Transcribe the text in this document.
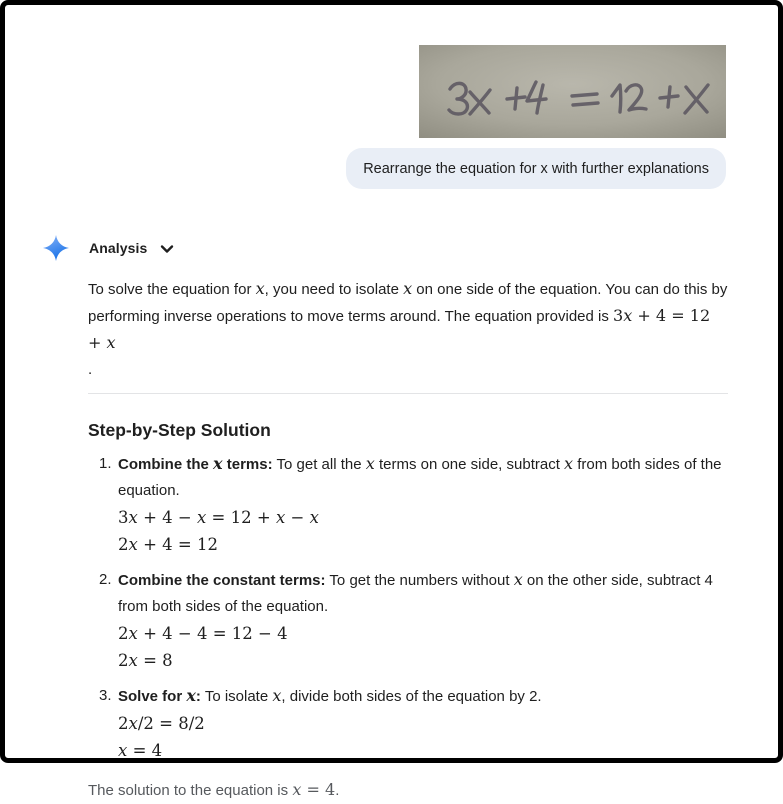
Rearrange the equation for x with further explanations
Analysis

To solve the equation for x, you need to isolate x on one side of the equation. You can do this by performing inverse operations to move terms around. The equation provided is 3x + 4 = 12 + x
.

Step-by-Step Solution
1. Combine the x terms: To get all the x terms on one side, subtract x from both sides of the equation.
3x + 4 − x = 12 + x − x
2x + 4 = 12
2. Combine the constant terms: To get the numbers without x on the other side, subtract 4 from both sides of the equation.
2x + 4 − 4 = 12 − 4
2x = 8
3. Solve for x: To isolate x, divide both sides of the equation by 2.
2x/2 = 8/2
x = 4

The solution to the equation is x = 4.
